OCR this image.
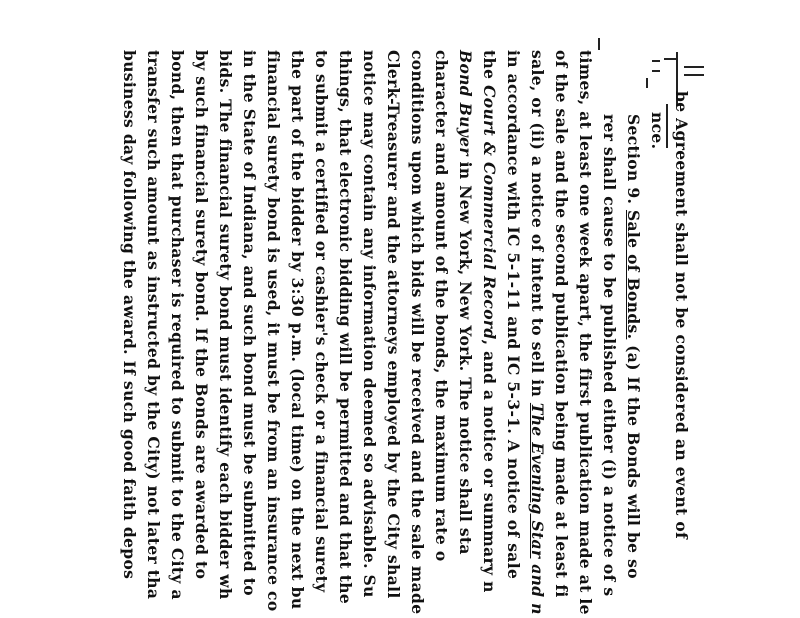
be Agreement shall not be considered an event of
nce.
Section 9. Sale of Bonds. (a) If the Bonds will be so
rer shall cause to be published either (i) a notice of s
times, at least one week apart, the first publication made at le
of the sale and the second publication being made at least fi
sale, or (ii) a notice of intent to sell in The Evening Star and n
in accordance with IC 5-1-11 and IC 5-3-1. A notice of sale
the Court & Commercial Record, and a notice or summary n
Bond Buyer in New York, New York. The notice shall sta
character and amount of the bonds, the maximum rate o
conditions upon which bids will be received and the sale made
Clerk-Treasurer and the attorneys employed by the City shall
notice may contain any information deemed so advisable. Su
things, that electronic bidding will be permitted and that the
to submit a certified or cashier's check or a financial surety
the part of the bidder by 3:30 p.m. (local time) on the next bu
financial surety bond is used, it must be from an insurance co
in the State of Indiana, and such bond must be submitted to
bids. The financial surety bond must identify each bidder wh
by such financial surety bond. If the Bonds are awarded to
bond, then that purchaser is required to submit to the City a
transfer such amount as instructed by the City) not later tha
business day following the award. If such good faith depos
